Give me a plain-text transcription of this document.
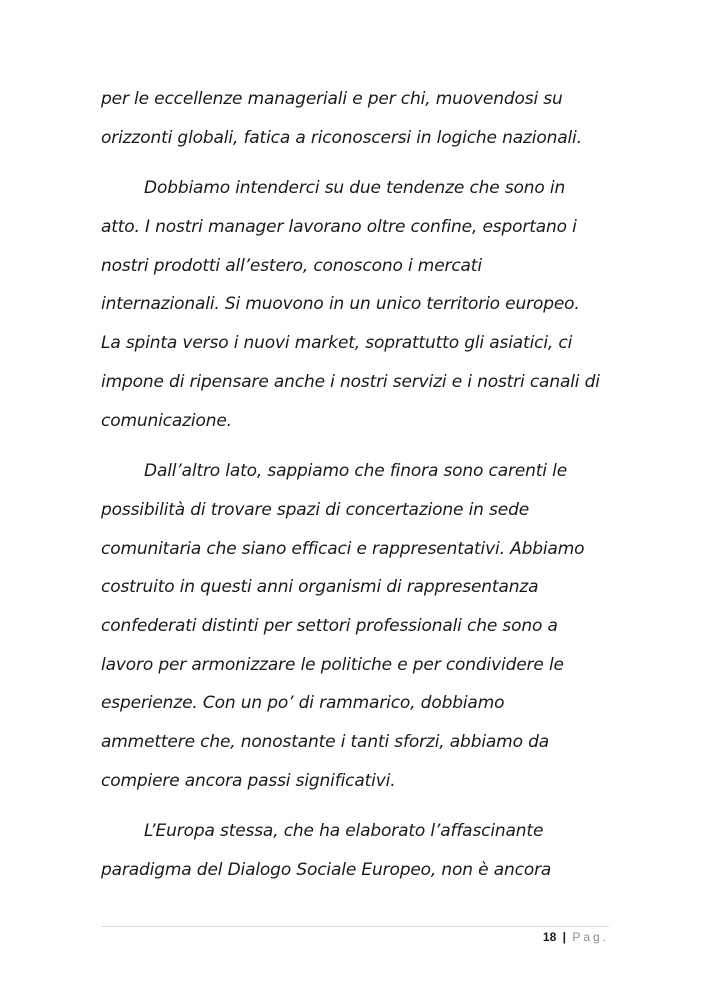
per le eccellenze manageriali e per chi, muovendosi su
orizzonti globali, fatica a riconoscersi in logiche nazionali.
Dobbiamo intenderci su due tendenze che sono in
atto. I nostri manager lavorano oltre confine, esportano i
nostri prodotti all’estero, conoscono i mercati
internazionali. Si muovono in un unico territorio europeo.
La spinta verso i nuovi market, soprattutto gli asiatici, ci
impone di ripensare anche i nostri servizi e i nostri canali di
comunicazione.
Dall’altro lato, sappiamo che finora sono carenti le
possibilità di trovare spazi di concertazione in sede
comunitaria che siano efficaci e rappresentativi. Abbiamo
costruito in questi anni organismi di rappresentanza
confederati distinti per settori professionali che sono a
lavoro per armonizzare le politiche e per condividere le
esperienze. Con un po’ di rammarico, dobbiamo
ammettere che, nonostante i tanti sforzi, abbiamo da
compiere ancora passi significativi.
L’Europa stessa, che ha elaborato l’affascinante
paradigma del Dialogo Sociale Europeo, non è ancora
18 | Pag.
